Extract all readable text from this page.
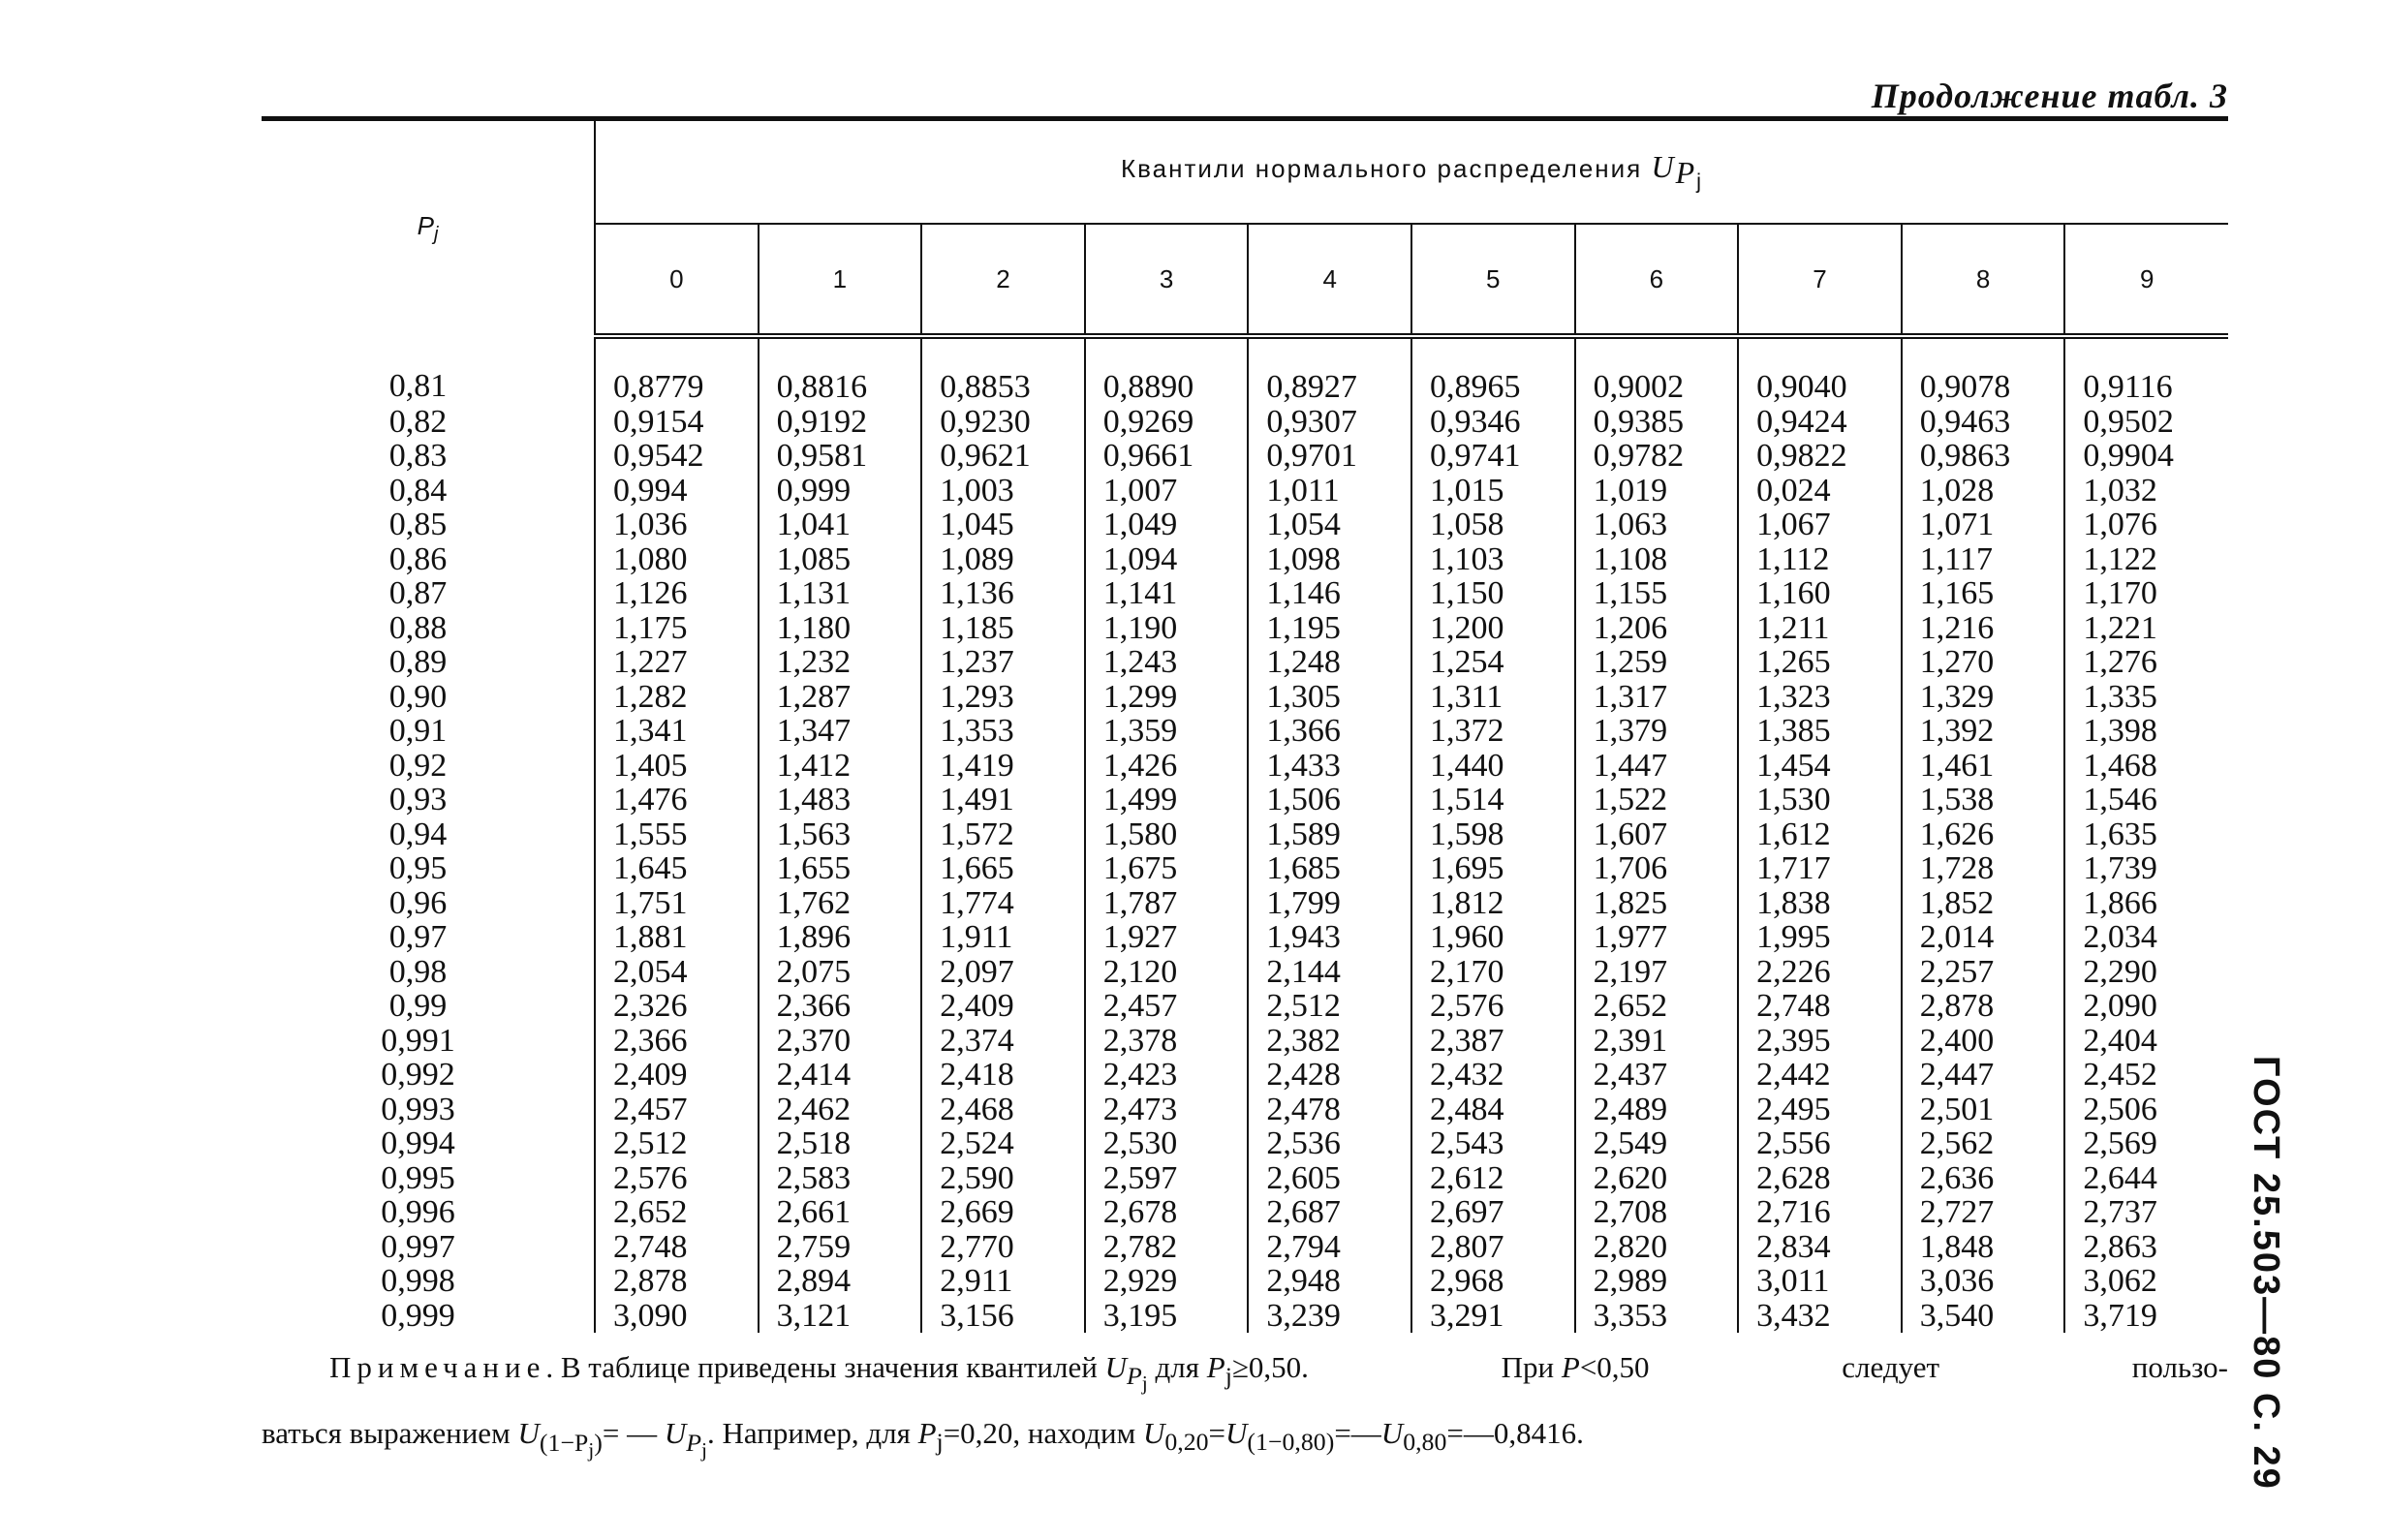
Продолжение табл. 3
$P_j$	Квантили нормального распределения $U_{P_j}$
	0	1	2	3	4	5	6	7	8	9
0,81	0,8779	0,8816	0,8853	0,8890	0,8927	0,8965	0,9002	0,9040	0,9078	0,9116
0,82	0,9154	0,9192	0,9230	0,9269	0,9307	0,9346	0,9385	0,9424	0,9463	0,9502
0,83	0,9542	0,9581	0,9621	0,9661	0,9701	0,9741	0,9782	0,9822	0,9863	0,9904
0,84	0,994	0,999	1,003	1,007	1,011	1,015	1,019	0,024	1,028	1,032
0,85	1,036	1,041	1,045	1,049	1,054	1,058	1,063	1,067	1,071	1,076
0,86	1,080	1,085	1,089	1,094	1,098	1,103	1,108	1,112	1,117	1,122
0,87	1,126	1,131	1,136	1,141	1,146	1,150	1,155	1,160	1,165	1,170
0,88	1,175	1,180	1,185	1,190	1,195	1,200	1,206	1,211	1,216	1,221
0,89	1,227	1,232	1,237	1,243	1,248	1,254	1,259	1,265	1,270	1,276
0,90	1,282	1,287	1,293	1,299	1,305	1,311	1,317	1,323	1,329	1,335
0,91	1,341	1,347	1,353	1,359	1,366	1,372	1,379	1,385	1,392	1,398
0,92	1,405	1,412	1,419	1,426	1,433	1,440	1,447	1,454	1,461	1,468
0,93	1,476	1,483	1,491	1,499	1,506	1,514	1,522	1,530	1,538	1,546
0,94	1,555	1,563	1,572	1,580	1,589	1,598	1,607	1,612	1,626	1,635
0,95	1,645	1,655	1,665	1,675	1,685	1,695	1,706	1,717	1,728	1,739
0,96	1,751	1,762	1,774	1,787	1,799	1,812	1,825	1,838	1,852	1,866
0,97	1,881	1,896	1,911	1,927	1,943	1,960	1,977	1,995	2,014	2,034
0,98	2,054	2,075	2,097	2,120	2,144	2,170	2,197	2,226	2,257	2,290
0,99	2,326	2,366	2,409	2,457	2,512	2,576	2,652	2,748	2,878	2,090
0,991	2,366	2,370	2,374	2,378	2,382	2,387	2,391	2,395	2,400	2,404
0,992	2,409	2,414	2,418	2,423	2,428	2,432	2,437	2,442	2,447	2,452
0,993	2,457	2,462	2,468	2,473	2,478	2,484	2,489	2,495	2,501	2,506
0,994	2,512	2,518	2,524	2,530	2,536	2,543	2,549	2,556	2,562	2,569
0,995	2,576	2,583	2,590	2,597	2,605	2,612	2,620	2,628	2,636	2,644
0,996	2,652	2,661	2,669	2,678	2,687	2,697	2,708	2,716	2,727	2,737
0,997	2,748	2,759	2,770	2,782	2,794	2,807	2,820	2,834	1,848	2,863
0,998	2,878	2,894	2,911	2,929	2,948	2,968	2,989	3,011	3,036	3,062
0,999	3,090	3,121	3,156	3,195	3,239	3,291	3,353	3,432	3,540	3,719
Примечание. В таблице приведены значения квантилей $U_{P_j}$ для $P_j\ge 0,50$.	При P<0,50	следует	пользо-
ваться выражением $U_{(1-P_j)}=$ — $U_{P_j}$. Например, для $P_j=0,20$, находим $U_{0,20}=U_{(1-0,80)}=—U_{0,80}=—0,8416$.	ГОСТ 25.503—80 С. 29
